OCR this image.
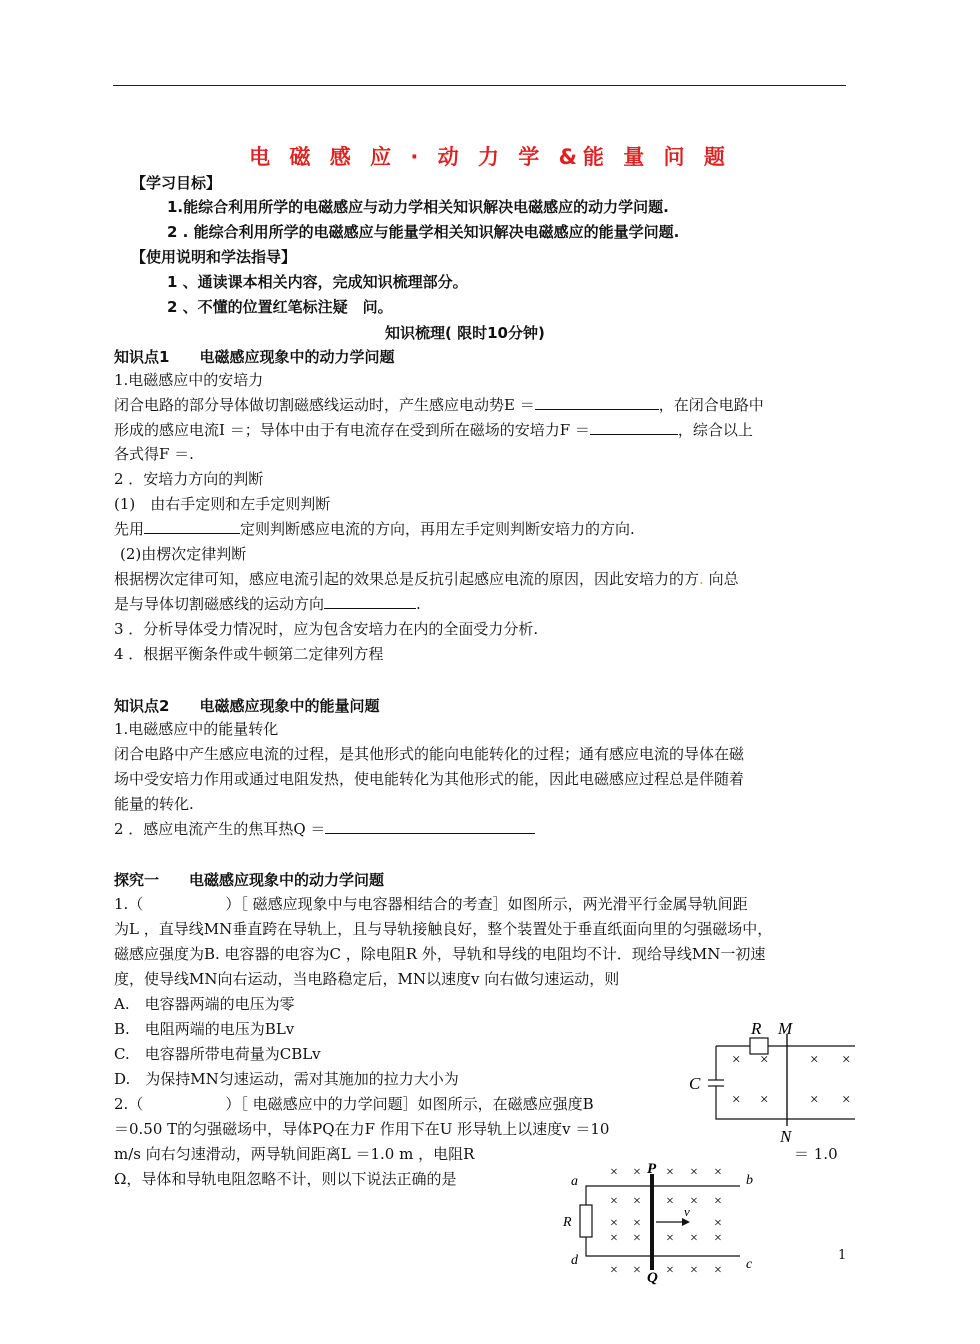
电 磁 感 应 · 动 力 学 &能 量 问 题
【学习目标】
1.能综合利用所学的电磁感应与动力学相关知识解决电磁感应的动力学问题.
2 . 能综合利用所学的电磁感应与能量学相关知识解决电磁感应的能量学问题.
【使用说明和学法指导】
1 、通读课本相关内容，完成知识梳理部分。
2 、不懂的位置红笔标注疑　问。
知识梳理( 限时10分钟)
知识点1　　电磁感应现象中的动力学问题
1.电磁感应中的安培力
闭合电路的部分导体做切割磁感线运动时，产生感应电动势E ＝	，在闭合电路中
形成的感应电流I ＝；导体中由于有电流存在受到所在磁场的安培力F ＝	，综合以上
各式得F ＝.
2 ．安培力方向的判断
(1)　由右手定则和左手定则判断
先用	定则判断感应电流的方向，再用左手定则判断安培力的方向.
(2)由楞次定律判断
根据楞次定律可知，感应电流引起的效果总是反抗引起感应电流的原因，因此安培力的方. 向总
是与导体切割磁感线的运动方向	.
3 ．分析导体受力情况时，应为包含安培力在内的全面受力分析.
4 ．根据平衡条件或牛顿第二定律列方程
知识点2　　电磁感应现象中的能量问题
1.电磁感应中的能量转化
闭合电路中产生感应电流的过程，是其他形式的能向电能转化的过程；通有感应电流的导体在磁
场中受安培力作用或通过电阻发热，使电能转化为其他形式的能，因此电磁感应过程总是伴随着
能量的转化.
2 ．感应电流产生的焦耳热Q ＝
探究一　　电磁感应现象中的动力学问题
1.（	）［ 磁感应现象中与电容器相结合的考查］如图所示，两光滑平行金属导轨间距
为L ，直导线MN垂直跨在导轨上，且与导轨接触良好，整个装置处于垂直纸面向里的匀强磁场中，
磁感应强度为B. 电容器的电容为C ，除电阻R 外，导轨和导线的电阻均不计．现给导线MN一初速
度，使导线MN向右运动，当电路稳定后，MN以速度v 向右做匀速运动，则
A.　电容器两端的电压为零
B.　电阻两端的电压为BLv
C.　电容器所带电荷量为CBLv
D.　为保持MN匀速运动，需对其施加的拉力大小为
2.（	）［ 电磁感应中的力学问题］如图所示，在磁感应强度B
＝0.50 T的匀强磁场中，导体PQ在力F 作用下在U 形导轨上以速度v ＝10
m/s 向右匀速滑动，两导轨间距离L ＝1.0 m ，电阻R	＝ 1.0
Ω，导体和导轨电阻忽略不计，则以下说法正确的是
R M
C
N
× ×	× ×
× ×	× ×
P
Q
a	b
c
d
R
v
× × × × ×
× × × × ×
× ×	×
× × × × ×
× × × × ×
1
